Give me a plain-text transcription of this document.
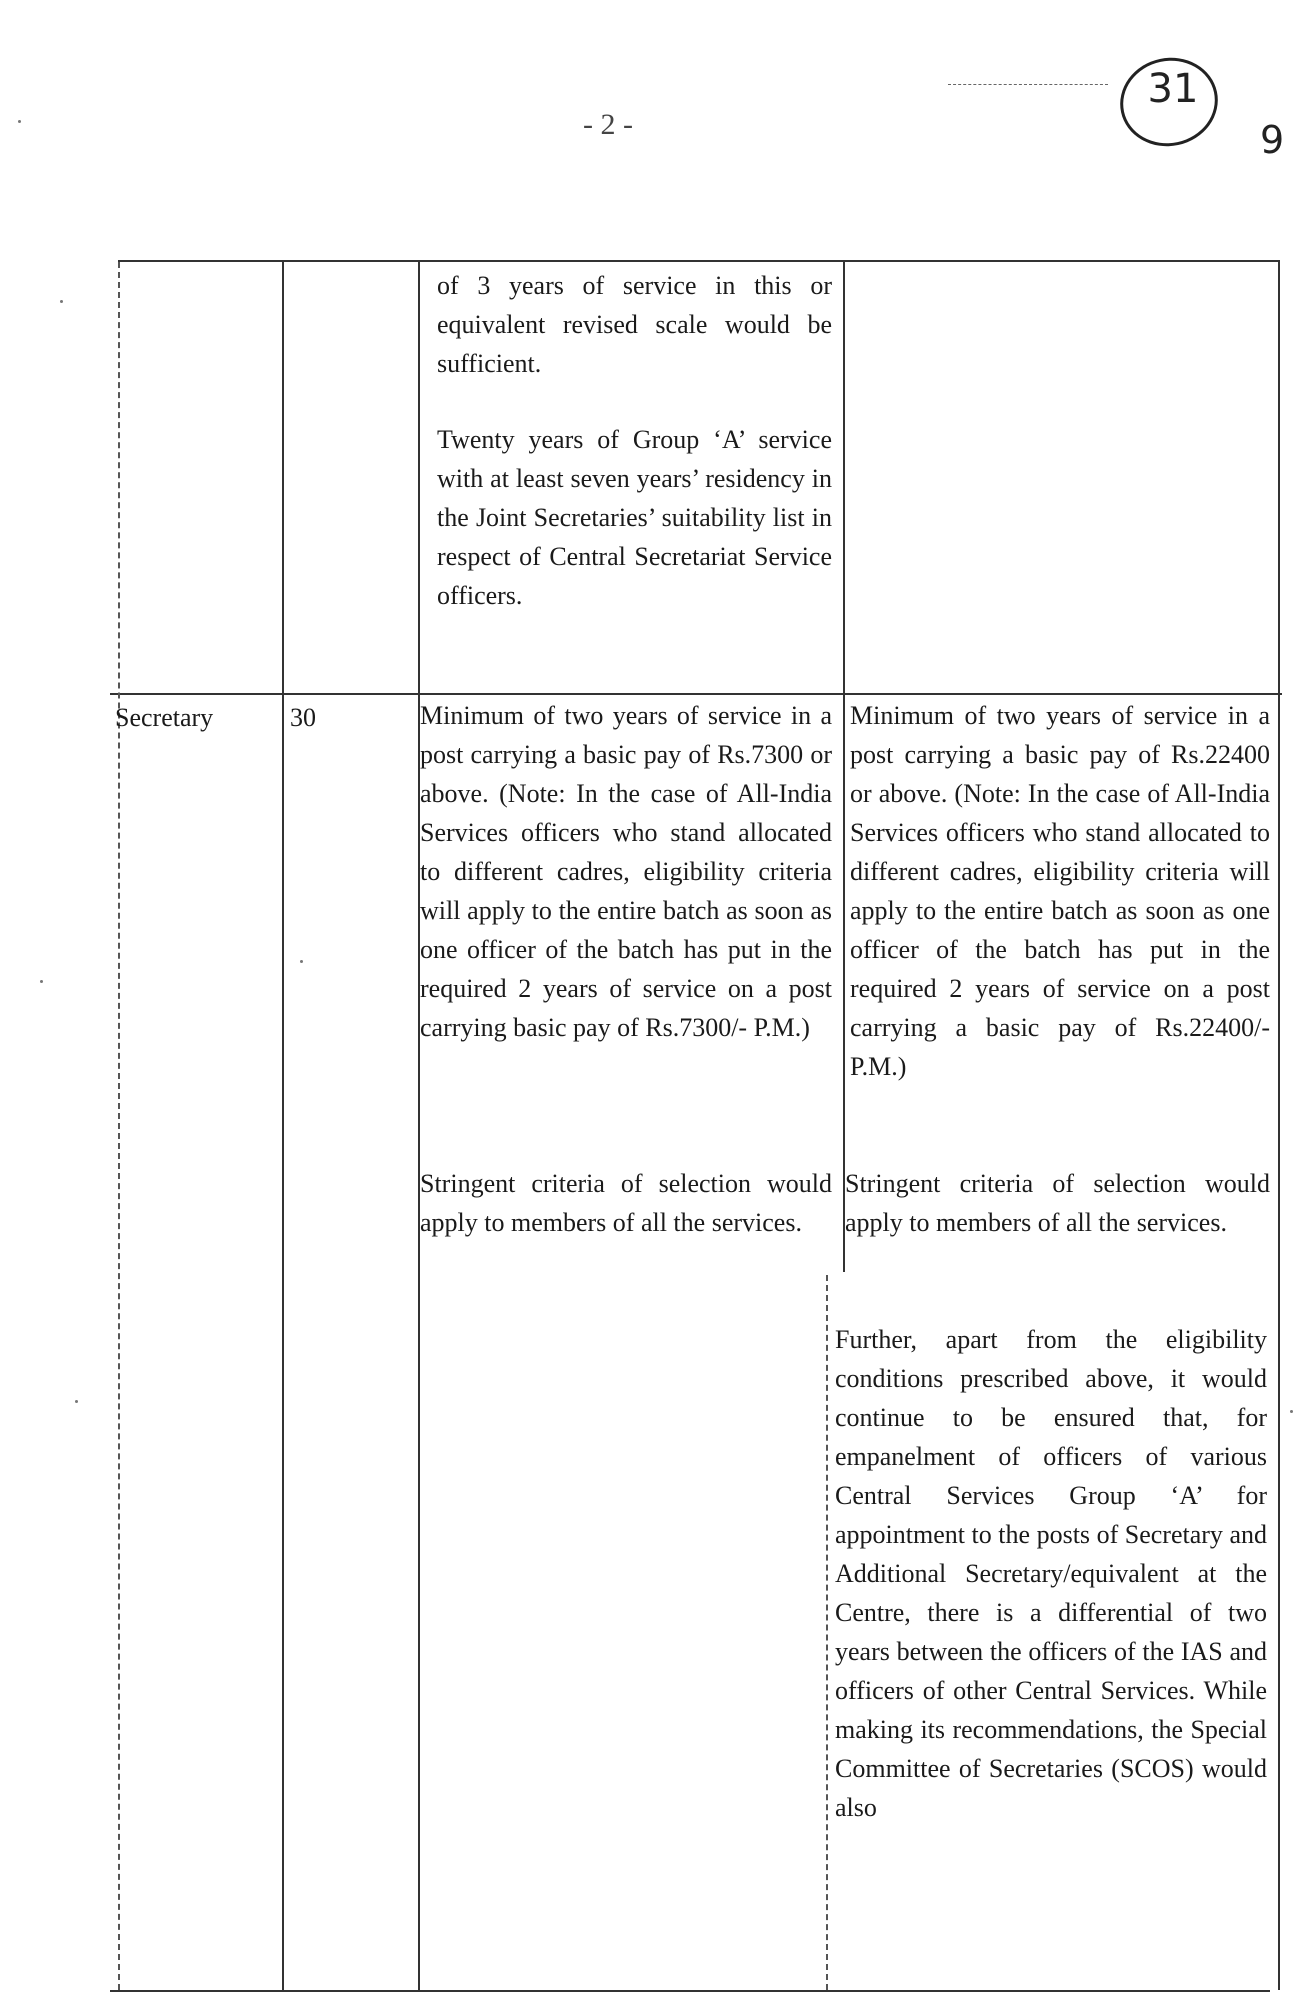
- 2 -
31
9
of 3 years of service in this or equivalent revised scale would be sufficient.
Twenty years of Group ‘A’ service with at least seven years’ residency in the Joint Secretaries’ suitability list in respect of Central Secretariat Service officers.
Secretary	30	Minimum of two years of service in a post carrying a basic pay of Rs.7300 or above. (Note: In the case of All-India Services officers who stand allocated to different cadres, eligibility criteria will apply to the entire batch as soon as one officer of the batch has put in the required 2 years of service on a post carrying basic pay of Rs.7300/- P.M.)
Stringent criteria of selection would apply to members of all the services.
Minimum of two years of service in a post carrying a basic pay of Rs.22400 or above. (Note: In the case of All-India Services officers who stand allocated to different cadres, eligibility criteria will apply to the entire batch as soon as one officer of the batch has put in the required 2 years of service on a post carrying a basic pay of Rs.22400/- P.M.)
Stringent criteria of selection would apply to members of all the services.
Further, apart from the eligibility conditions prescribed above, it would continue to be ensured that, for empanelment of officers of various Central Services Group ‘A’ for appointment to the posts of Secretary and Additional Secretary/equivalent at the Centre, there is a differential of two years between the officers of the IAS and officers of other Central Services. While making its recommendations, the Special Committee of Secretaries (SCOS) would also
